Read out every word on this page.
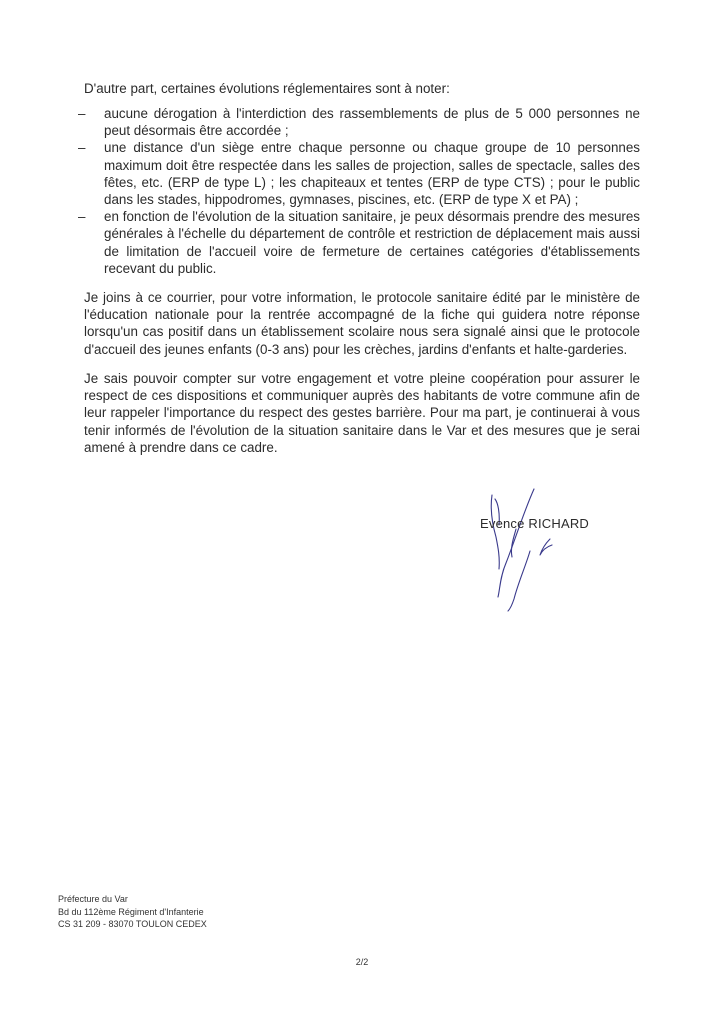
D'autre part, certaines évolutions réglementaires sont à noter:

– aucune dérogation à l'interdiction des rassemblements de plus de 5 000 personnes ne peut désormais être accordée ;
– une distance d'un siège entre chaque personne ou chaque groupe de 10 personnes maximum doit être respectée dans les salles de projection, salles de spectacle, salles des fêtes, etc. (ERP de type L) ; les chapiteaux et tentes (ERP de type CTS) ; pour le public dans les stades, hippodromes, gymnases, piscines, etc. (ERP de type X et PA) ;
– en fonction de l'évolution de la situation sanitaire, je peux désormais prendre des mesures générales à l'échelle du département de contrôle et restriction de déplacement mais aussi de limitation de l'accueil voire de fermeture de certaines catégories d'établissements recevant du public.

Je joins à ce courrier, pour votre information, le protocole sanitaire édité par le ministère de l'éducation nationale pour la rentrée accompagné de la fiche qui guidera notre réponse lorsqu'un cas positif dans un établissement scolaire nous sera signalé ainsi que le protocole d'accueil des jeunes enfants (0-3 ans) pour les crèches, jardins d'enfants et halte-garderies.

Je sais pouvoir compter sur votre engagement et votre pleine coopération pour assurer le respect de ces dispositions et communiquer auprès des habitants de votre commune afin de leur rappeler l'importance du respect des gestes barrière. Pour ma part, je continuerai à vous tenir informés de l'évolution de la situation sanitaire dans le Var et des mesures que je serai amené à prendre dans ce cadre.

Evence RICHARD
Préfecture du Var
Bd du 112ème Régiment d'Infanterie
CS 31 209 - 83070 TOULON CEDEX
2/2
